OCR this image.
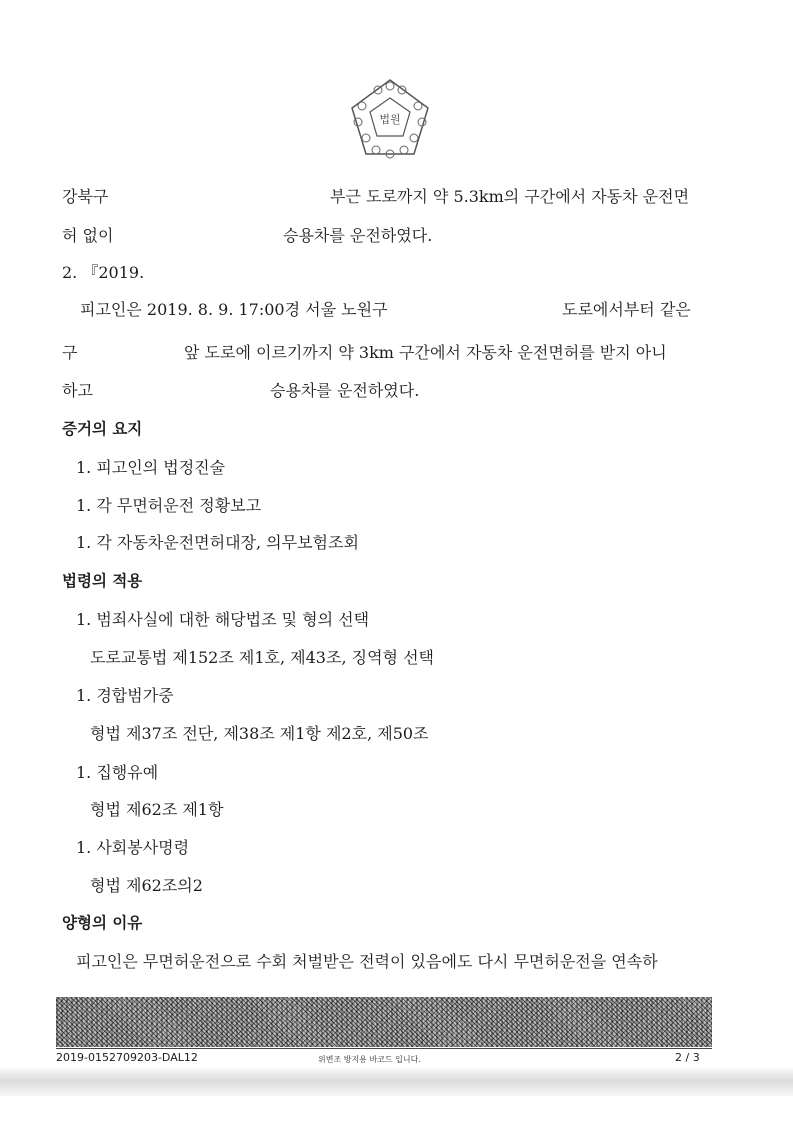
법원
강북구	부근 도로까지 약 5.3km의 구간에서 자동차 운전면
허 없이	승용차를 운전하였다.
2. 『2019.
피고인은 2019. 8. 9. 17:00경 서울 노원구	도로에서부터 같은
구	앞 도로에 이르기까지 약 3km 구간에서 자동차 운전면허를 받지 아니
하고	승용차를 운전하였다.
증거의 요지
1. 피고인의 법정진술
1. 각 무면허운전 정황보고
1. 각 자동차운전면허대장, 의무보험조회
법령의 적용
1. 범죄사실에 대한 해당법조 및 형의 선택
도로교통법 제152조 제1호, 제43조, 징역형 선택
1. 경합범가중
형법 제37조 전단, 제38조 제1항 제2호, 제50조
1. 집행유예
형법 제62조 제1항
1. 사회봉사명령
형법 제62조의2
양형의 이유
피고인은 무면허운전으로 수회 처벌받은 전력이 있음에도 다시 무면허운전을 연속하
2019-0152709203-DAL12	위변조 방지용 바코드 입니다.	2 / 3
